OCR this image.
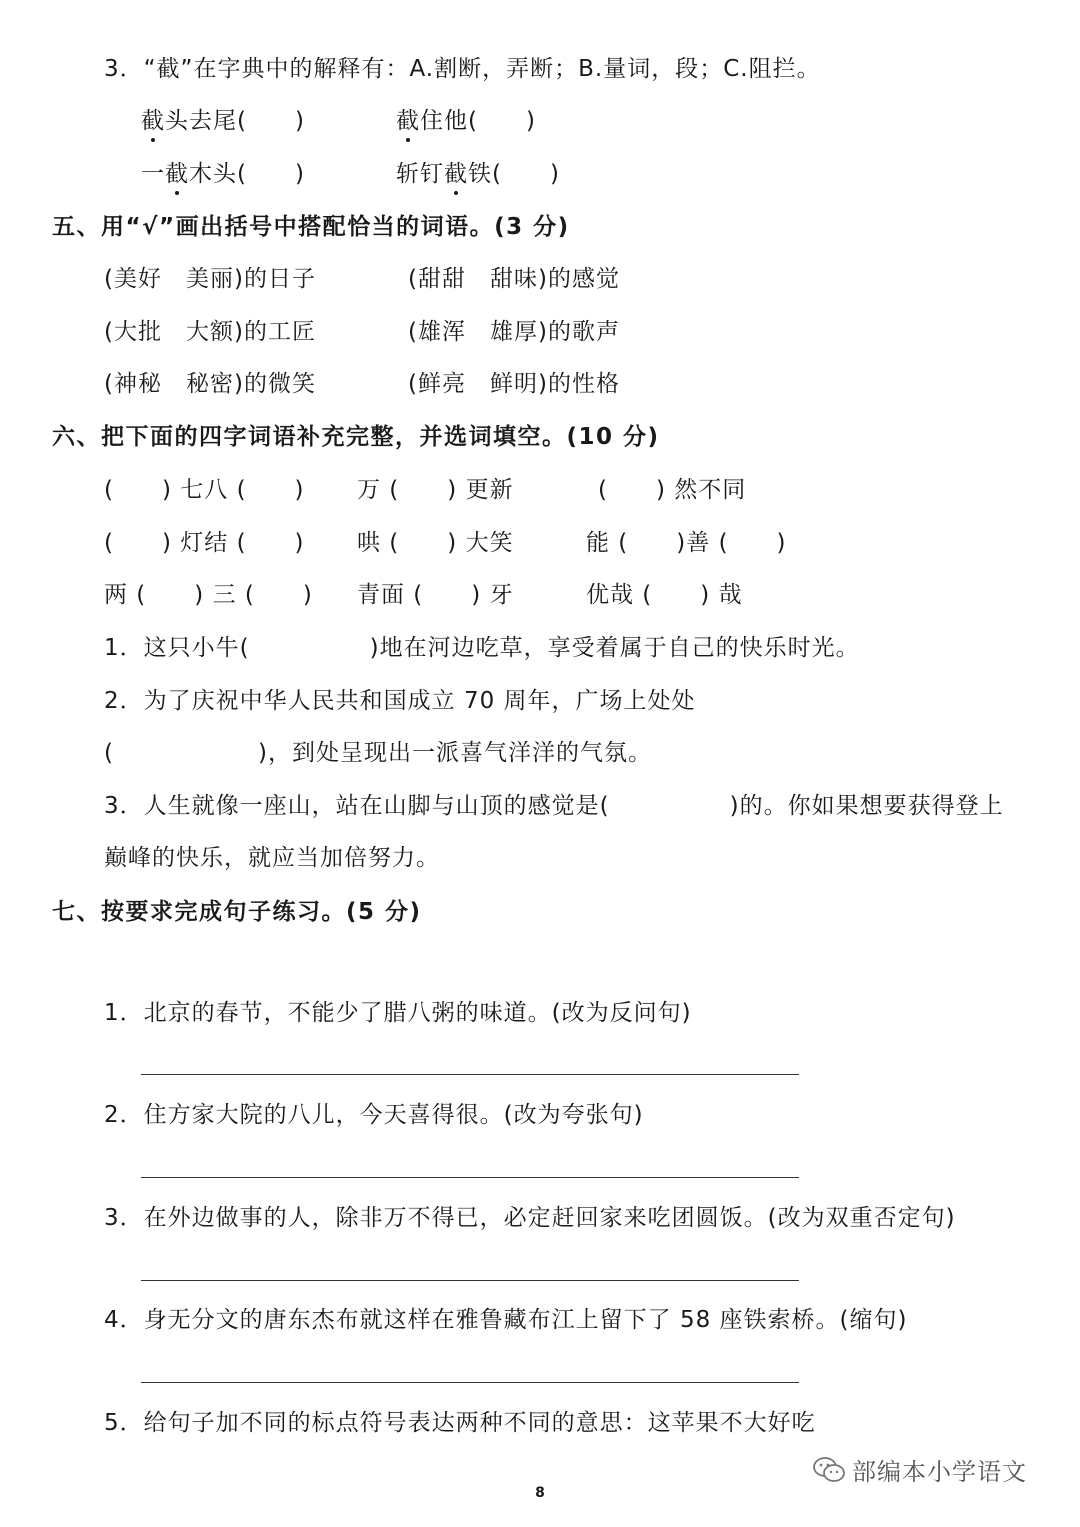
3．“截”在字典中的解释有：A.割断，弄断；B.量词，段；C.阻拦。
截头去尾(　　)	截住他(　　)
一截木头(　　)	斩钉截铁(　　)
五、用“√”画出括号中搭配恰当的词语。(3 分)
(美好　美丽)的日子	(甜甜　甜味)的感觉
(大批　大额)的工匠	(雄浑　雄厚)的歌声
(神秘　秘密)的微笑	(鲜亮　鲜明)的性格
六、把下面的四字词语补充完整，并选词填空。(10 分)
(　　) 七八 (　　) 万 (　　) 更新	(　　) 然不同
(　　) 灯结 (　　) 哄 (　　) 大笑	能 (　　)善 (　　)
两 (　　) 三 (　　) 青面 (　　) 牙	优哉 (　　) 哉
1．这只小牛(　　　　　)地在河边吃草，享受着属于自己的快乐时光。
2．为了庆祝中华人民共和国成立 70 周年，广场上处处
(　　　　　　)，到处呈现出一派喜气洋洋的气氛。
3．人生就像一座山，站在山脚与山顶的感觉是(　　　　　)的。你如果想要获得登上
巅峰的快乐，就应当加倍努力。
七、按要求完成句子练习。(5 分)
1．北京的春节，不能少了腊八粥的味道。(改为反问句)
2．住方家大院的八儿，今天喜得很。(改为夸张句)
3．在外边做事的人，除非万不得已，必定赶回家来吃团圆饭。(改为双重否定句)
4．身无分文的唐东杰布就这样在雅鲁藏布江上留下了 58 座铁索桥。(缩句)
5．给句子加不同的标点符号表达两种不同的意思：这苹果不大好吃
8
部编本小学语文
